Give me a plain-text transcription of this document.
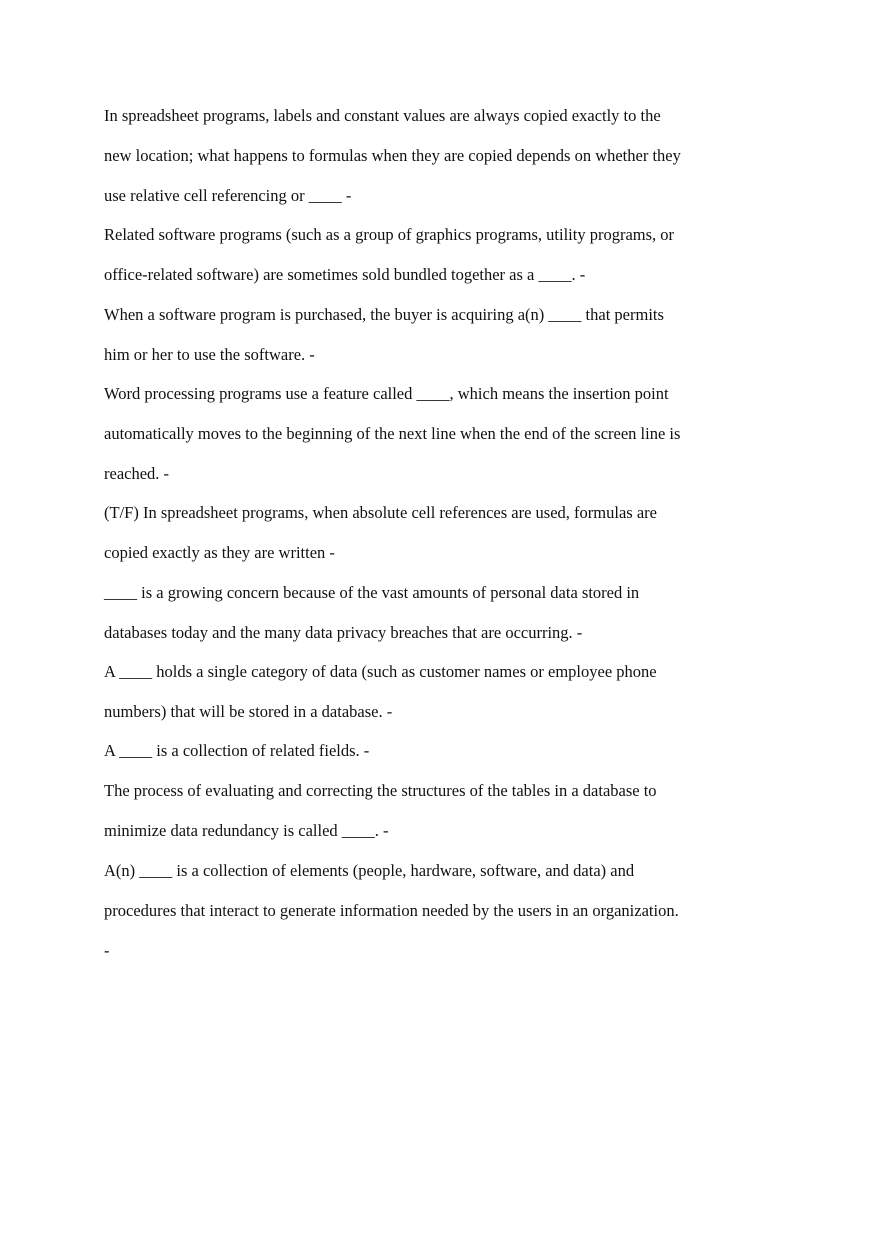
In spreadsheet programs, labels and constant values are always copied exactly to the
new location; what happens to formulas when they are copied depends on whether they
use relative cell referencing or ____ -

Related software programs (such as a group of graphics programs, utility programs, or
office-related software) are sometimes sold bundled together as a ____. -

When a software program is purchased, the buyer is acquiring a(n) ____ that permits
him or her to use the software. -

Word processing programs use a feature called ____, which means the insertion point
automatically moves to the beginning of the next line when the end of the screen line is
reached. -

(T/F) In spreadsheet programs, when absolute cell references are used, formulas are
copied exactly as they are written -

____ is a growing concern because of the vast amounts of personal data stored in
databases today and the many data privacy breaches that are occurring. -

A ____ holds a single category of data (such as customer names or employee phone
numbers) that will be stored in a database. -

A ____ is a collection of related fields. -

The process of evaluating and correcting the structures of the tables in a database to
minimize data redundancy is called ____. -

A(n) ____ is a collection of elements (people, hardware, software, and data) and
procedures that interact to generate information needed by the users in an organization.
-
